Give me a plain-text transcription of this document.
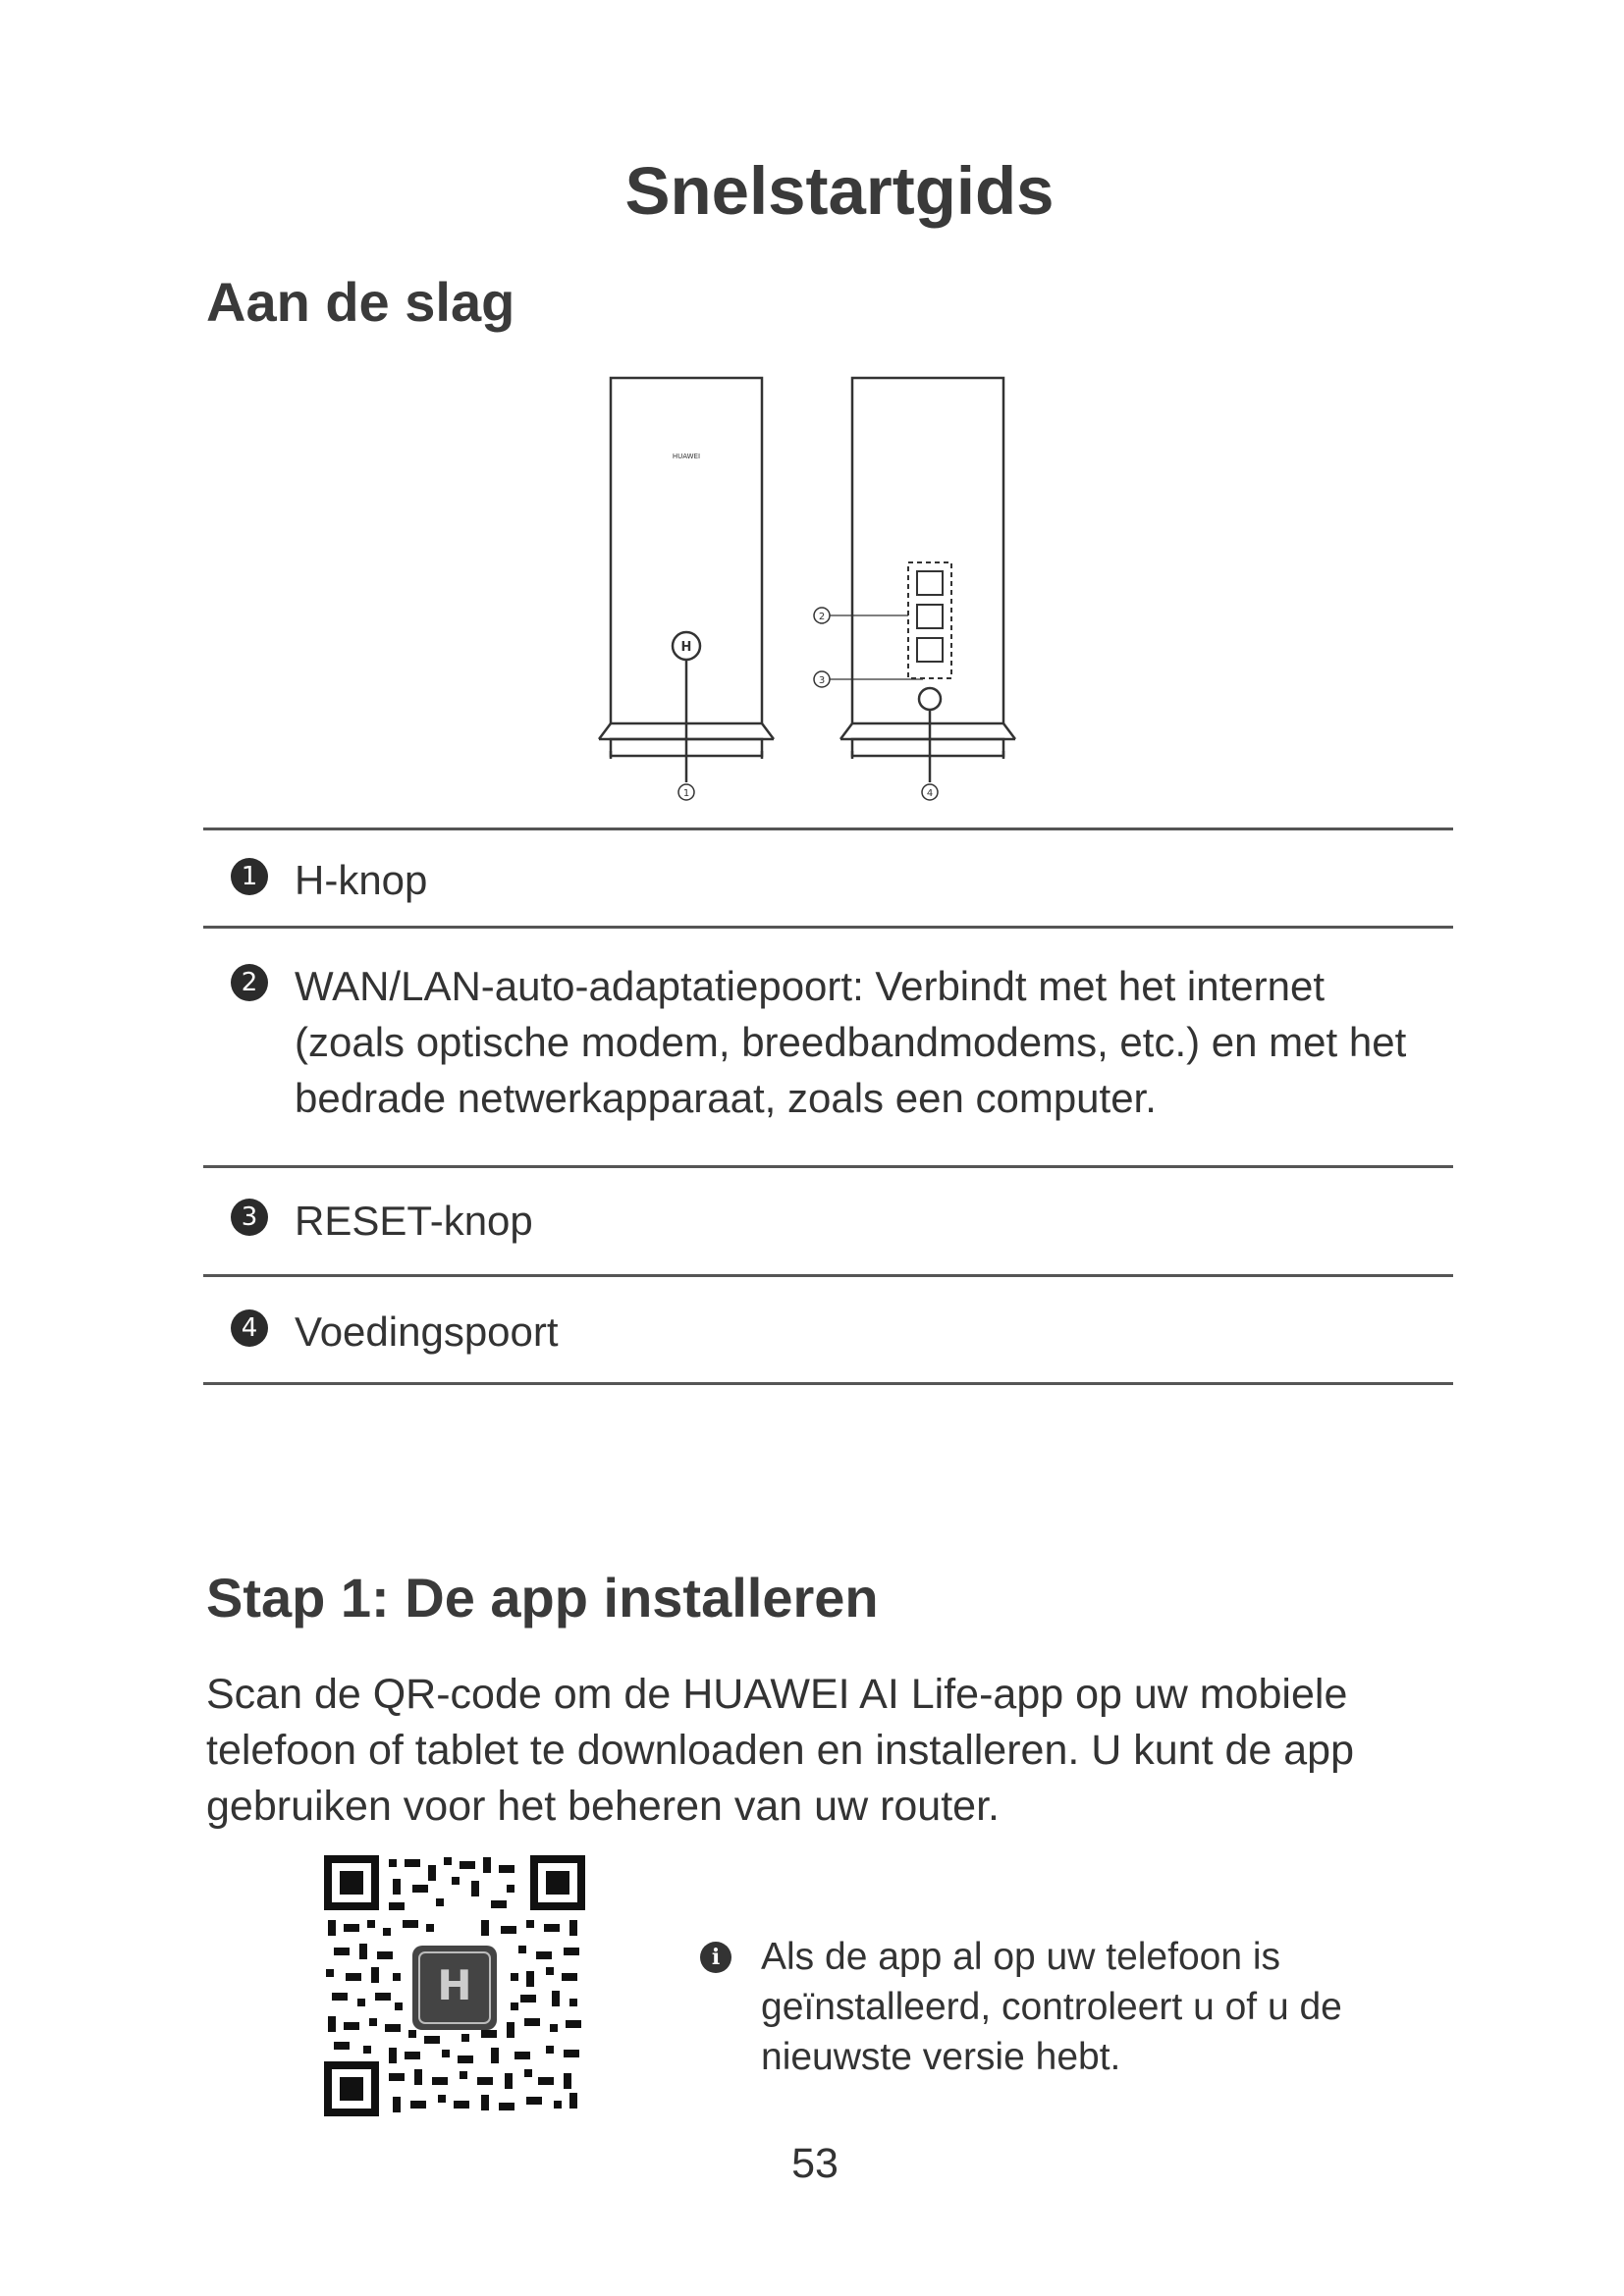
Snelstartgids
Aan de slag
HUAWEI
H
1
2
3
4
1 H-knop
2 WAN/LAN-auto-adaptatiepoort: Verbindt met het internet (zoals optische modem, breedbandmodems, etc.) en met het bedrade netwerkapparaat, zoals een computer.
3 RESET-knop
4 Voedingspoort
Stap 1: De app installeren
Scan de QR-code om de HUAWEI AI Life-app op uw mobiele telefoon of tablet te downloaden en installeren. U kunt de app gebruiken voor het beheren van uw router.
H
i	Als de app al op uw telefoon is geïnstalleerd, controleert u of u de nieuwste versie hebt.
53
